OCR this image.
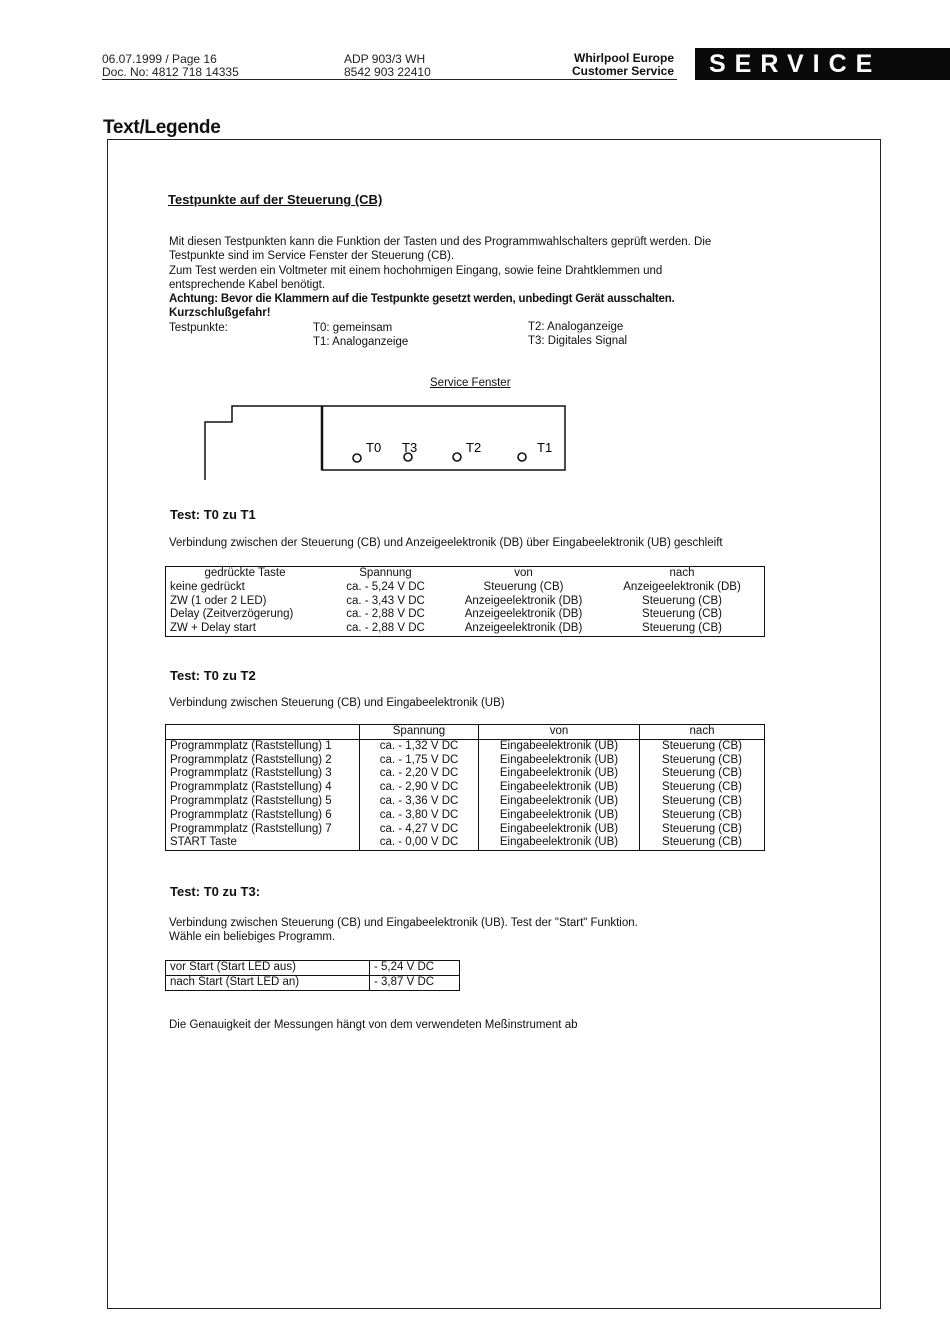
06.07.1999 / Page 16
Doc. No: 4812 718 14335
ADP 903/3 WH
8542 903 22410
Whirlpool Europe
Customer Service	SERVICE
Text/Legende
Testpunkte auf der Steuerung (CB)
Mit diesen Testpunkten kann die Funktion der Tasten und des Programmwahlschalters geprüft werden. Die
Testpunkte sind im Service Fenster der Steuerung (CB).
Zum Test werden ein Voltmeter mit einem hochohmigen Eingang, sowie feine Drahtklemmen und
entsprechende Kabel benötigt.
Achtung: Bevor die Klammern auf die Testpunkte gesetzt werden, unbedingt Gerät ausschalten.
Kurzschlußgefahr!
Testpunkte:	T0: gemeinsam
T1: Analoganzeige
T2: Analoganzeige
T3: Digitales Signal
Service Fenster
T0 T3	T2	T1
Test: T0 zu T1
Verbindung zwischen der Steuerung (CB) und Anzeigeelektronik (DB) über Eingabeelektronik (UB) geschleift
gedrückte Taste	Spannung	von	nach
keine gedrückt	ca. - 5,24 V DC	Steuerung (CB)	Anzeigeelektronik (DB)
ZW (1 oder 2 LED)	ca. - 3,43 V DC	Anzeigeelektronik (DB)	Steuerung (CB)
Delay (Zeitverzögerung)	ca. - 2,88 V DC	Anzeigeelektronik (DB)	Steuerung (CB)
ZW + Delay start	ca. - 2,88 V DC	Anzeigeelektronik (DB)	Steuerung (CB)
Test: T0 zu T2
Verbindung zwischen Steuerung (CB) und Eingabeelektronik (UB)
	Spannung	von	nach
Programmplatz (Raststellung) 1	ca. - 1,32 V DC	Eingabeelektronik (UB)	Steuerung (CB)
Programmplatz (Raststellung) 2	ca. - 1,75 V DC	Eingabeelektronik (UB)	Steuerung (CB)
Programmplatz (Raststellung) 3	ca. - 2,20 V DC	Eingabeelektronik (UB)	Steuerung (CB)
Programmplatz (Raststellung) 4	ca. - 2,90 V DC	Eingabeelektronik (UB)	Steuerung (CB)
Programmplatz (Raststellung) 5	ca. - 3,36 V DC	Eingabeelektronik (UB)	Steuerung (CB)
Programmplatz (Raststellung) 6	ca. - 3,80 V DC	Eingabeelektronik (UB)	Steuerung (CB)
Programmplatz (Raststellung) 7	ca. - 4,27 V DC	Eingabeelektronik (UB)	Steuerung (CB)
START Taste	ca. - 0,00 V DC	Eingabeelektronik (UB)	Steuerung (CB)
Test: T0 zu T3:
Verbindung zwischen Steuerung (CB) und Eingabeelektronik (UB). Test der "Start" Funktion.
Wähle ein beliebiges Programm.
vor Start (Start LED aus)	- 5,24 V DC
nach Start (Start LED an)	- 3,87 V DC
Die Genauigkeit der Messungen hängt von dem verwendeten Meßinstrument ab
